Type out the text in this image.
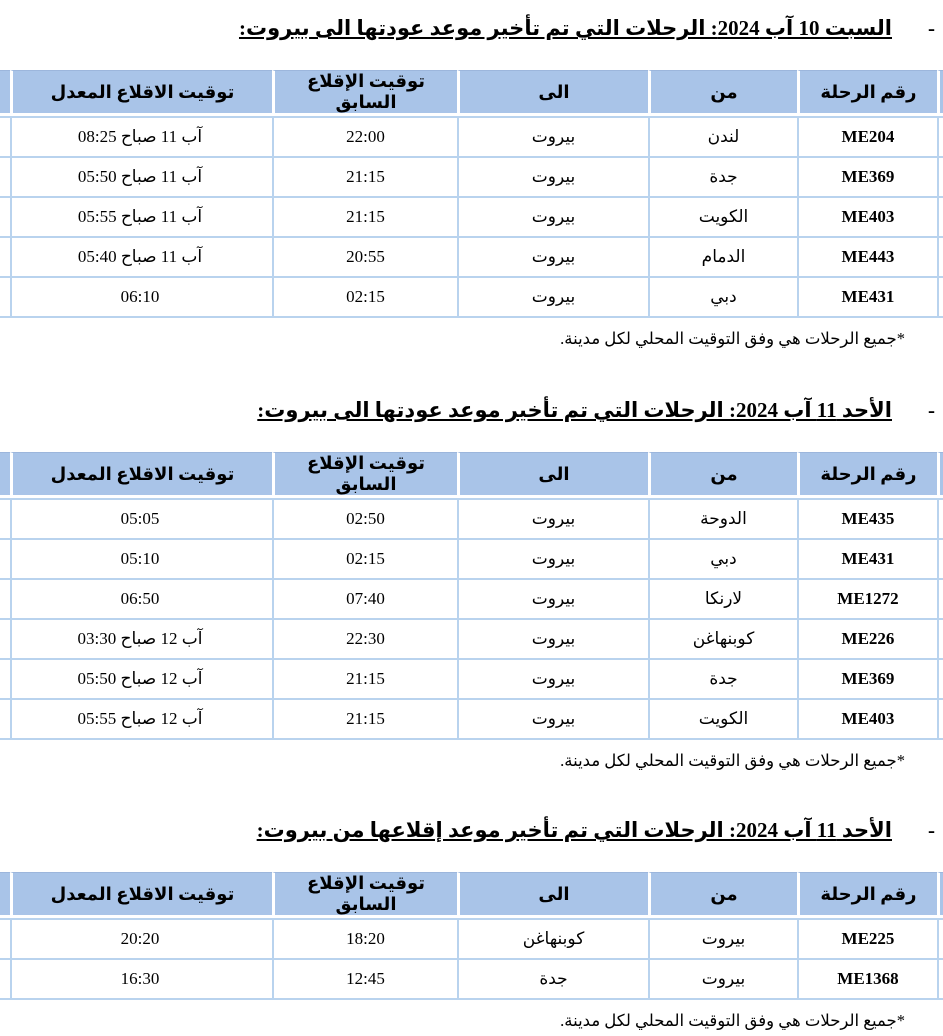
-السبت 10 آب 2024: الرحلات التي تم تأخير موعد عودتها الى بيروت:
	رقم الرحلة	من	الى	توقيت الإقلاع السابق	توقيت الاقلاع المعدل	
	ME204	لندن	بيروت	22:00	08:25 صباح‎ 11 آب	
	ME369	جدة	بيروت	21:15	05:50 صباح‎ 11 آب	
	ME403	الكويت	بيروت	21:15	05:55 صباح‎ 11 آب	
	ME443	الدمام	بيروت	20:55	05:40 صباح‎ 11 آب	
	ME431	دبي	بيروت	02:15	06:10	
*جميع الرحلات هي وفق التوقيت المحلي لكل مدينة.
-الأحد 11 آب 2024: الرحلات التي تم تأخير موعد عودتها الى بيروت:
	رقم الرحلة	من	الى	توقيت الإقلاع السابق	توقيت الاقلاع المعدل	
	ME435	الدوحة	بيروت	02:50	05:05	
	ME431	دبي	بيروت	02:15	05:10	
	ME1272	لارنكا	بيروت	07:40	06:50	
	ME226	كوبنهاغن	بيروت	22:30	03:30 صباح‎ 12 آب	
	ME369	جدة	بيروت	21:15	05:50 صباح‎ 12 آب	
	ME403	الكويت	بيروت	21:15	05:55 صباح‎ 12 آب	
*جميع الرحلات هي وفق التوقيت المحلي لكل مدينة.
-الأحد 11 آب 2024: الرحلات التي تم تأخير موعد إقلاعها من بيروت:
	رقم الرحلة	من	الى	توقيت الإقلاع السابق	توقيت الاقلاع المعدل	
	ME225	بيروت	كوبنهاغن	18:20	20:20	
	ME1368	بيروت	جدة	12:45	16:30	
*جميع الرحلات هي وفق التوقيت المحلي لكل مدينة.
